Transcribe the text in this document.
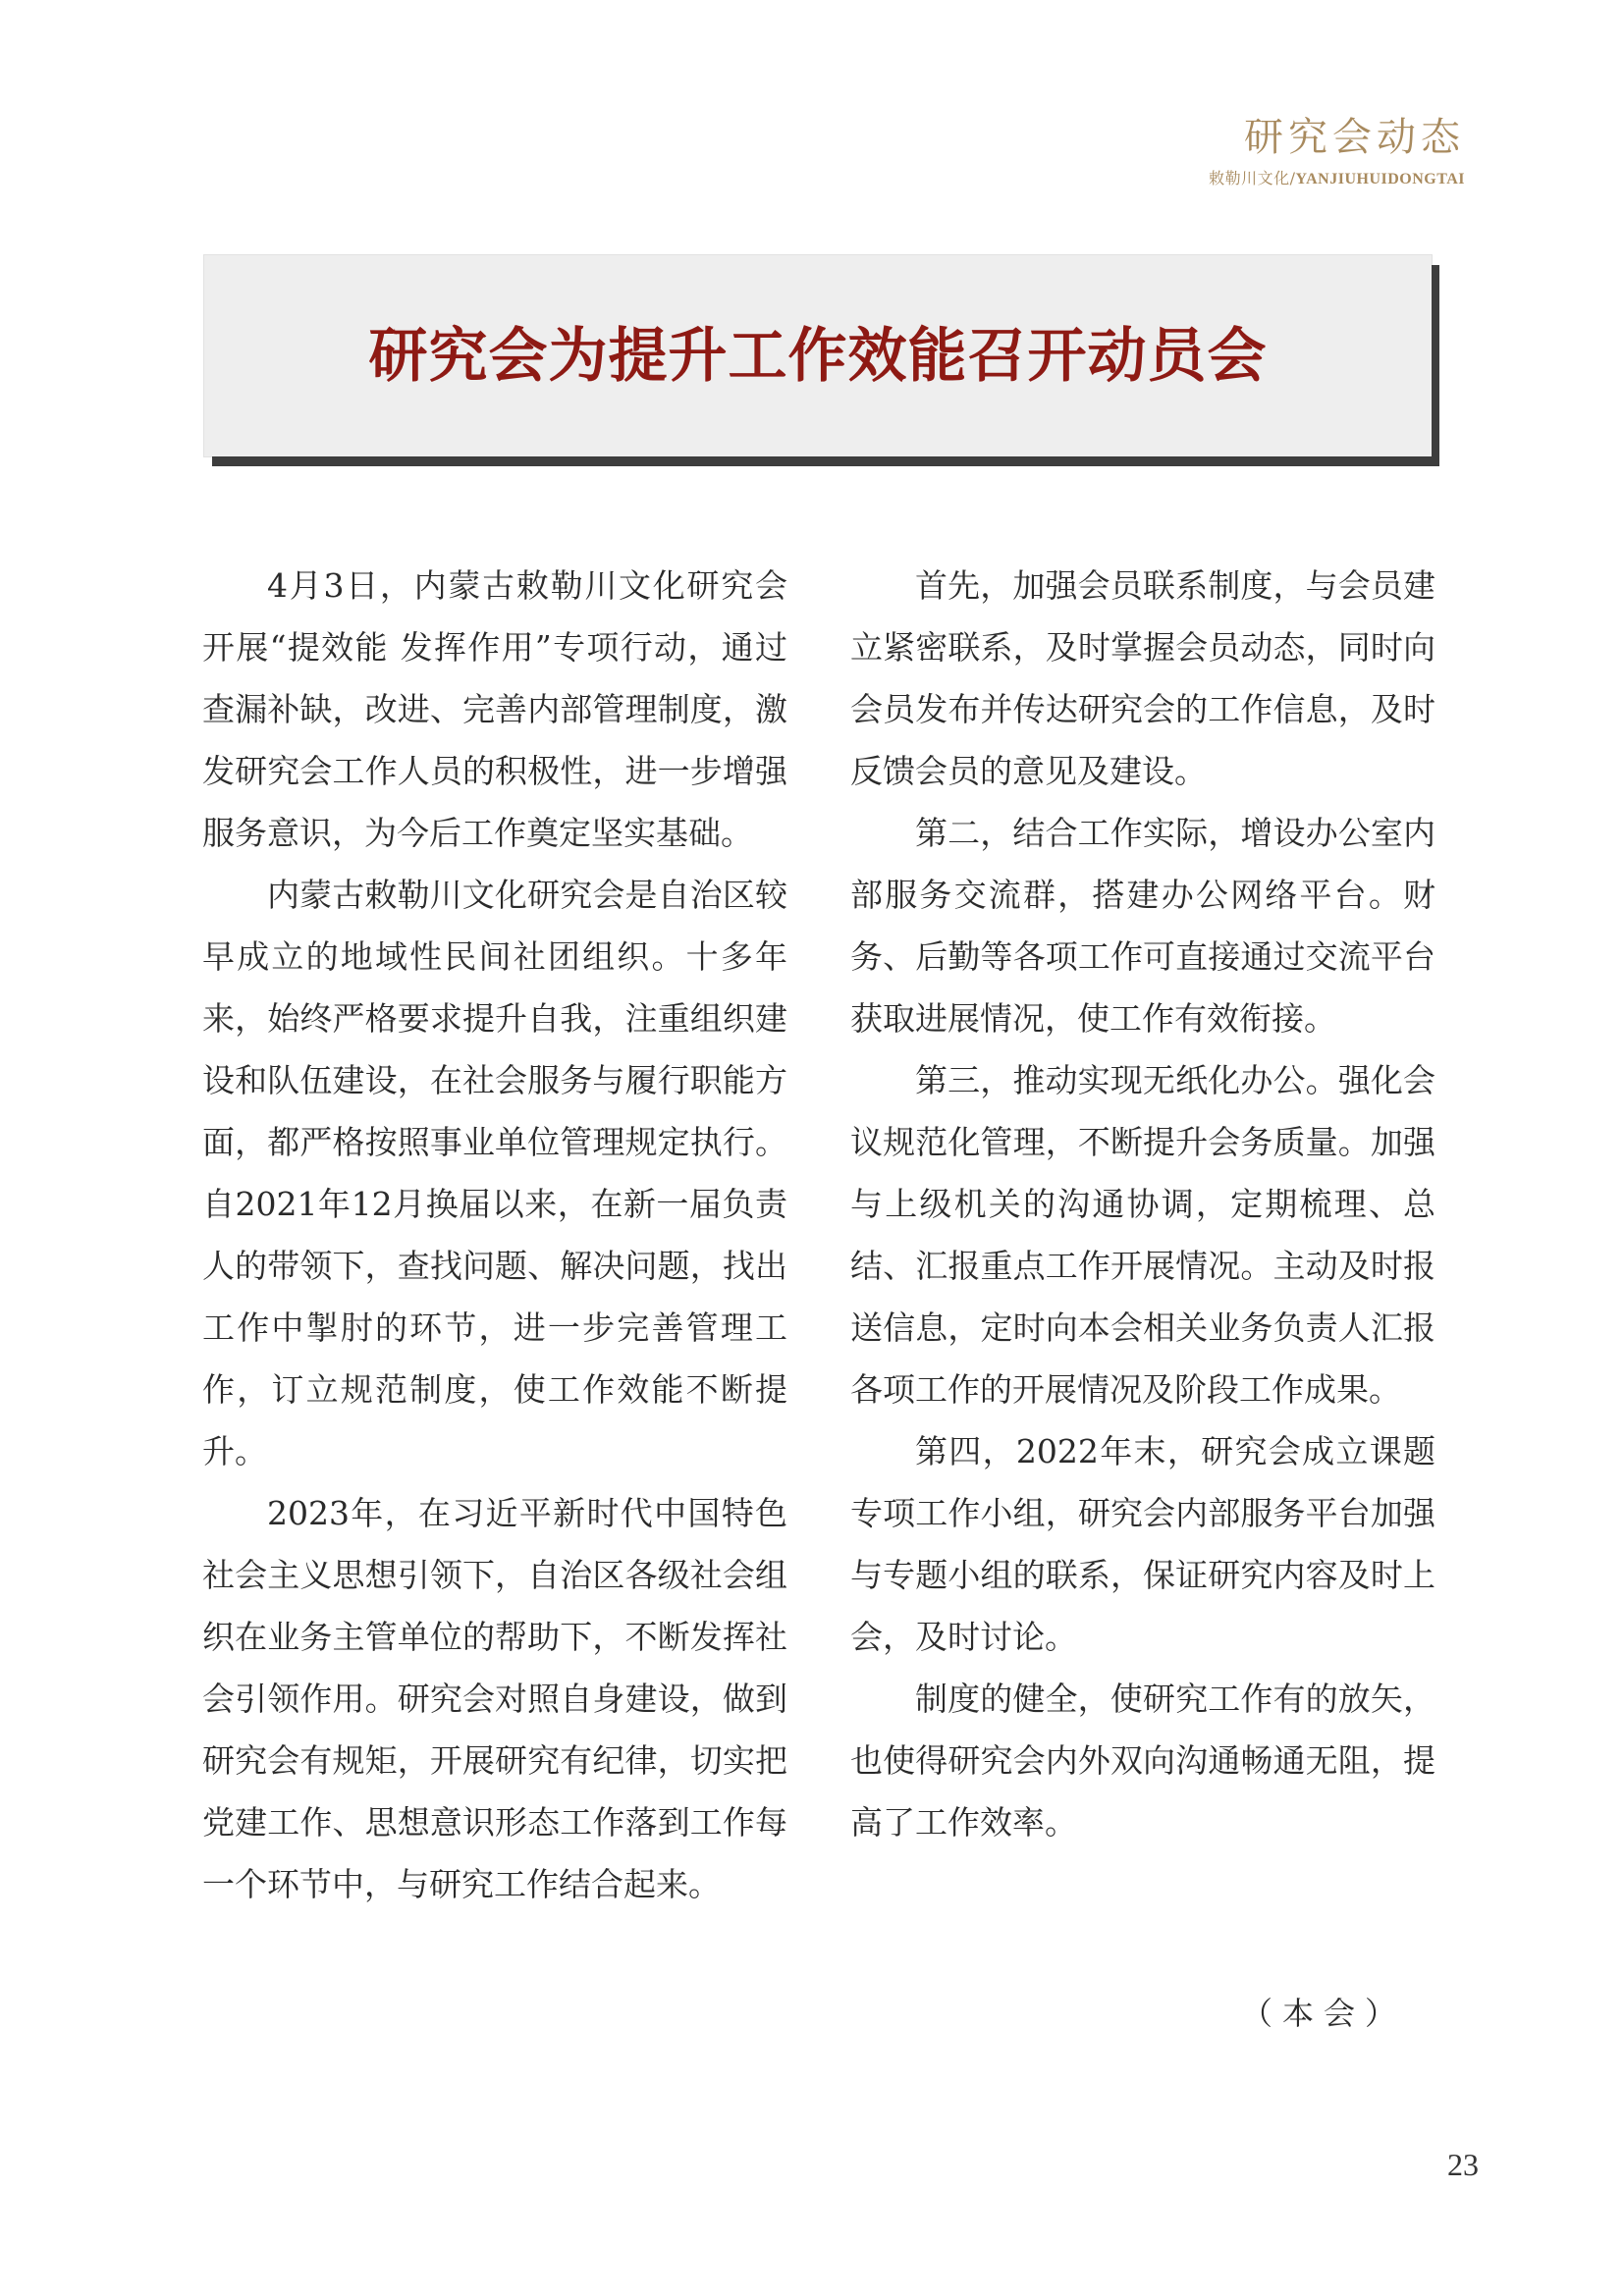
研究会动态
敕勒川文化/YANJIUHUIDONGTAI
研究会为提升工作效能召开动员会

4月3日，内蒙古敕勒川文化研究会开展“提效能 发挥作用”专项行动，通过查漏补缺，改进、完善内部管理制度，激发研究会工作人员的积极性，进一步增强服务意识，为今后工作奠定坚实基础。

内蒙古敕勒川文化研究会是自治区较早成立的地域性民间社团组织。十多年来，始终严格要求提升自我，注重组织建设和队伍建设，在社会服务与履行职能方面，都严格按照事业单位管理规定执行。自2021年12月换届以来，在新一届负责人的带领下，查找问题、解决问题，找出工作中掣肘的环节，进一步完善管理工作，订立规范制度，使工作效能不断提升。

2023年，在习近平新时代中国特色社会主义思想引领下，自治区各级社会组织在业务主管单位的帮助下，不断发挥社会引领作用。研究会对照自身建设，做到研究会有规矩，开展研究有纪律，切实把党建工作、思想意识形态工作落到工作每一个环节中，与研究工作结合起来。

首先，加强会员联系制度，与会员建立紧密联系，及时掌握会员动态，同时向会员发布并传达研究会的工作信息，及时反馈会员的意见及建设。

第二，结合工作实际，增设办公室内部服务交流群，搭建办公网络平台。财务、后勤等各项工作可直接通过交流平台获取进展情况，使工作有效衔接。

第三，推动实现无纸化办公。强化会议规范化管理，不断提升会务质量。加强与上级机关的沟通协调，定期梳理、总结、汇报重点工作开展情况。主动及时报送信息，定时向本会相关业务负责人汇报各项工作的开展情况及阶段工作成果。

第四，2022年末，研究会成立课题专项工作小组，研究会内部服务平台加强与专题小组的联系，保证研究内容及时上会，及时讨论。

制度的健全，使研究工作有的放矢，也使得研究会内外双向沟通畅通无阻，提高了工作效率。

（本会）
23
